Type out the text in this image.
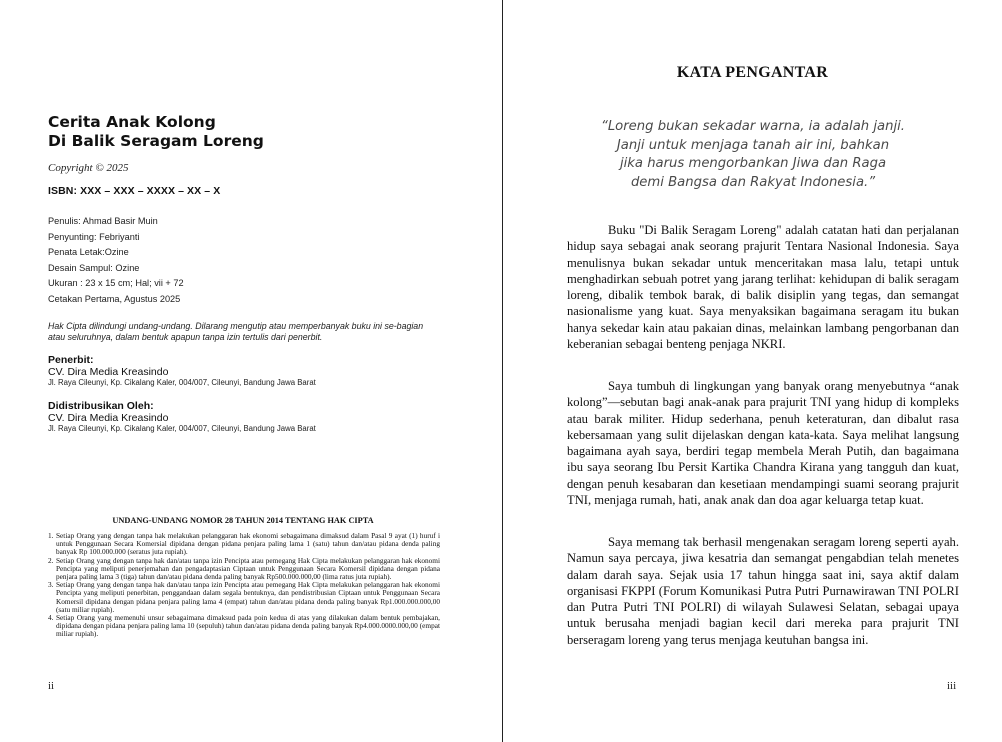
Cerita Anak Kolong
Di Balik Seragam Loreng
Copyright © 2025
ISBN: XXX – XXX – XXXX – XX – X
Penulis: Ahmad Basir Muin
Penyunting: Febriyanti
Penata Letak:Ozine
Desain Sampul: Ozine
Ukuran : 23 x 15 cm; Hal; vii + 72
Cetakan Pertama, Agustus 2025

Hak Cipta dilindungi undang-undang. Dilarang mengutip atau memperbanyak buku ini se-bagian atau seluruhnya, dalam bentuk apapun tanpa izin tertulis dari penerbit.

Penerbit:
CV. Dira Media Kreasindo
Jl. Raya Cileunyi, Kp. Cikalang Kaler, 004/007, Cileunyi, Bandung Jawa Barat
Didistribusikan Oleh:
CV. Dira Media Kreasindo
Jl. Raya Cileunyi, Kp. Cikalang Kaler, 004/007, Cileunyi, Bandung Jawa Barat
UNDANG-UNDANG NOMOR 28 TAHUN 2014 TENTANG HAK CIPTA
1. Setiap Orang yang dengan tanpa hak melakukan pelanggaran hak ekonomi sebagaimana dimaksud dalam Pasal 9 ayat (1) huruf i untuk Penggunaan Secara Komersial dipidana dengan pidana penjara paling lama 1 (satu) tahun dan/atau pidana denda paling banyak Rp 100.000.000 (seratus juta rupiah).
2. Setiap Orang yang dengan tanpa hak dan/atau tanpa izin Pencipta atau pemegang Hak Cipta melakukan pelanggaran hak ekonomi Pencipta yang meliputi penerjemahan dan pengadaptasian Ciptaan untuk Penggunaan Secara Komersil dipidana dengan pidana penjara paling lama 3 (tiga) tahun dan/atau pidana denda paling banyak Rp500.000.000,00 (lima ratus juta rupiah).
3. Setiap Orang yang dengan tanpa hak dan/atau tanpa izin Pencipta atau pemegang Hak Cipta melakukan pelanggaran hak ekonomi Pencipta yang meliputi penerbitan, penggandaan dalam segala bentuknya, dan pendistribusian Ciptaan untuk Penggunaan Secara Komersil dipidana dengan pidana penjara paling lama 4 (empat) tahun dan/atau pidana denda paling banyak Rp1.000.000.000,00 (satu miliar rupiah).
4. Setiap Orang yang memenuhi unsur sebagaimana dimaksud pada poin kedua di atas yang dilakukan dalam bentuk pembajakan, dipidana dengan pidana penjara paling lama 10 (sepuluh) tahun dan/atau pidana denda paling banyak Rp4.000.0000.000,00 (empat miliar rupiah).
ii
KATA PENGANTAR
“Loreng bukan sekadar warna, ia adalah janji.
Janji untuk menjaga tanah air ini, bahkan
jika harus mengorbankan Jiwa dan Raga
demi Bangsa dan Rakyat Indonesia.”

Buku "Di Balik Seragam Loreng" adalah catatan hati dan perjalanan hidup saya sebagai anak seorang prajurit Tentara Nasional Indonesia. Saya menulisnya bukan sekadar untuk menceritakan masa lalu, tetapi untuk menghadirkan sebuah potret yang jarang terlihat: kehidupan di balik seragam loreng, dibalik tembok barak, di balik disiplin yang tegas, dan semangat nasionalisme yang kuat. Saya menyaksikan bagaimana seragam itu bukan hanya sekedar kain atau pakaian dinas, melainkan lambang pengorbanan dan keberanian sebagai benteng penjaga NKRI.

Saya tumbuh di lingkungan yang banyak orang menyebutnya “anak kolong”—sebutan bagi anak-anak para prajurit TNI yang hidup di kompleks atau barak militer. Hidup sederhana, penuh keteraturan, dan dibalut rasa kebersamaan yang sulit dijelaskan dengan kata-kata. Saya melihat langsung bagaimana ayah saya, berdiri tegap membela Merah Putih, dan bagaimana ibu saya seorang Ibu Persit Kartika Chandra Kirana yang tangguh dan kuat, dengan penuh kesabaran dan kesetiaan mendampingi suami seorang prajurit TNI, menjaga rumah, hati, anak anak dan doa agar keluarga tetap kuat.

Saya memang tak berhasil mengenakan seragam loreng seperti ayah. Namun saya percaya, jiwa kesatria dan semangat pengabdian telah menetes dalam darah saya. Sejak usia 17 tahun hingga saat ini, saya aktif dalam organisasi FKPPI (Forum Komunikasi Putra Putri Purnawirawan TNI POLRI dan Putra Putri TNI POLRI) di wilayah Sulawesi Selatan, sebagai upaya untuk berusaha menjadi bagian kecil dari mereka para prajurit TNI berseragam loreng yang terus menjaga keutuhan bangsa ini.

iii
